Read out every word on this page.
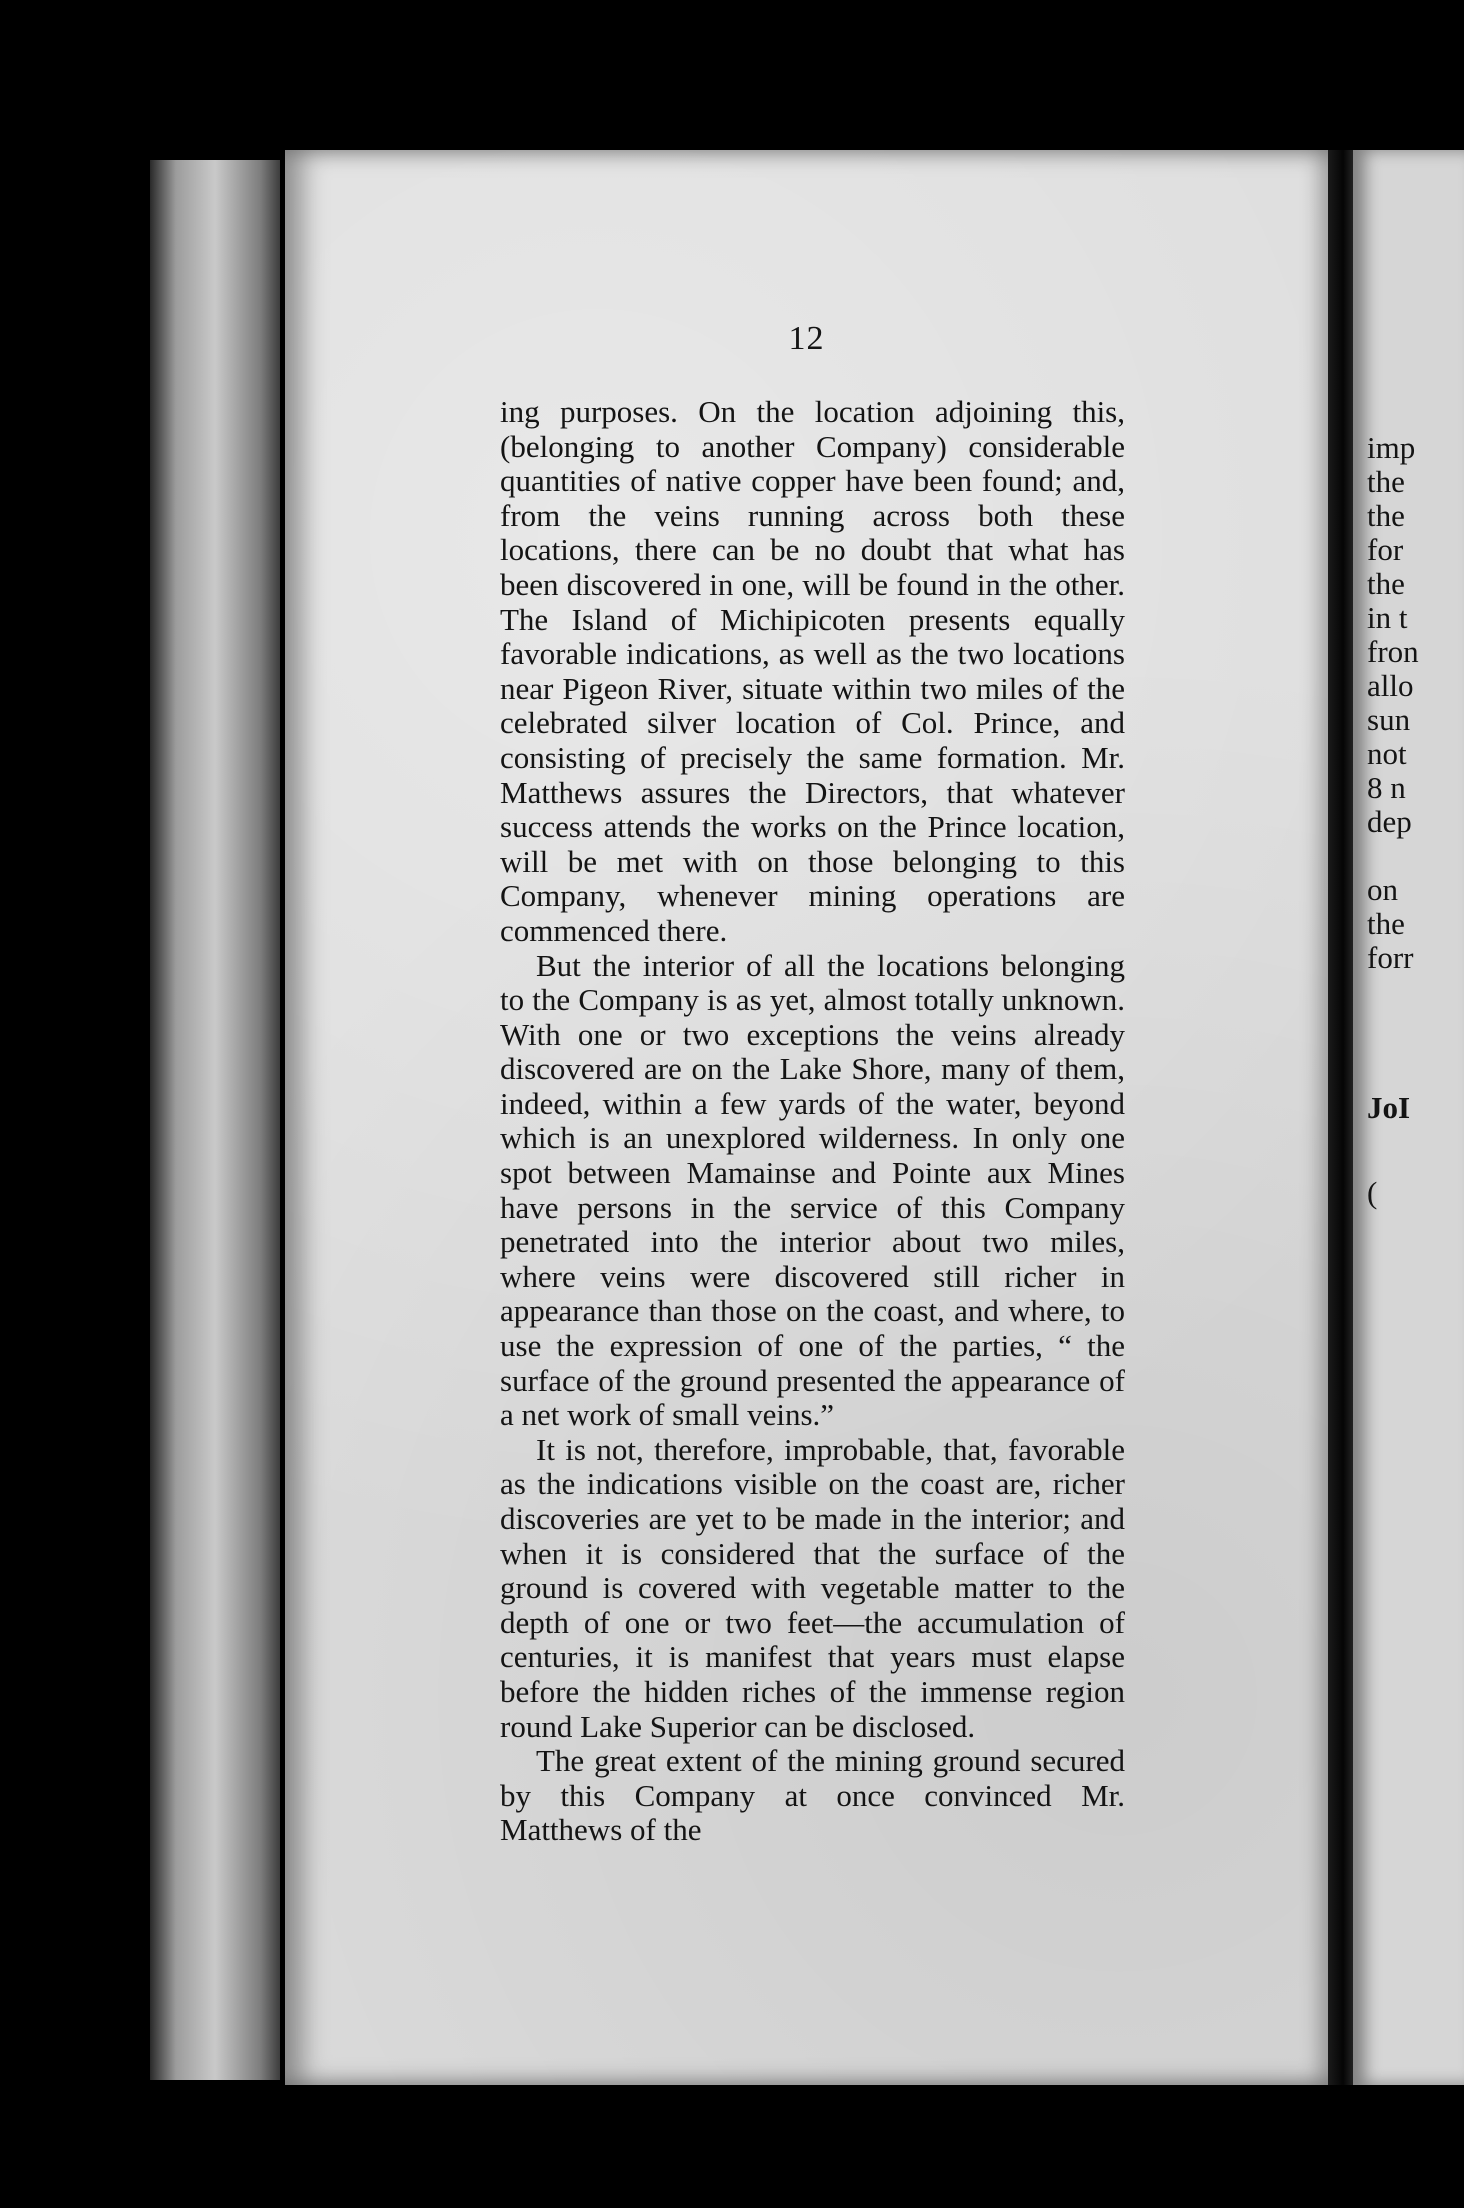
12

ing purposes. On the location adjoining this, (belonging to another Company) considerable quantities of native copper have been found; and, from the veins running across both these locations, there can be no doubt that what has been discovered in one, will be found in the other. The Island of Michipicoten presents equally favorable indications, as well as the two locations near Pigeon River, situate within two miles of the celebrated silver location of Col. Prince, and consisting of precisely the same formation. Mr. Matthews assures the Directors, that whatever success attends the works on the Prince location, will be met with on those belonging to this Company, whenever mining operations are commenced there.

But the interior of all the locations belonging to the Company is as yet, almost totally unknown. With one or two exceptions the veins already discovered are on the Lake Shore, many of them, indeed, within a few yards of the water, beyond which is an unexplored wilderness. In only one spot between Mamainse and Pointe aux Mines have persons in the service of this Company penetrated into the interior about two miles, where veins were discovered still richer in appearance than those on the coast, and where, to use the expression of one of the parties, “ the surface of the ground presented the appearance of a net work of small veins.”

It is not, therefore, improbable, that, favorable as the indications visible on the coast are, richer discoveries are yet to be made in the interior; and when it is considered that the surface of the ground is covered with vegetable matter to the depth of one or two feet—the accumulation of centuries, it is manifest that years must elapse before the hidden riches of the immense region round Lake Superior can be disclosed.

The great extent of the mining ground secured by this Company at once convinced Mr. Matthews of the

imp
the
the
for
the
in t
fron
allo
sun
not
8 n
dep
on
the
forr
JoI
(
